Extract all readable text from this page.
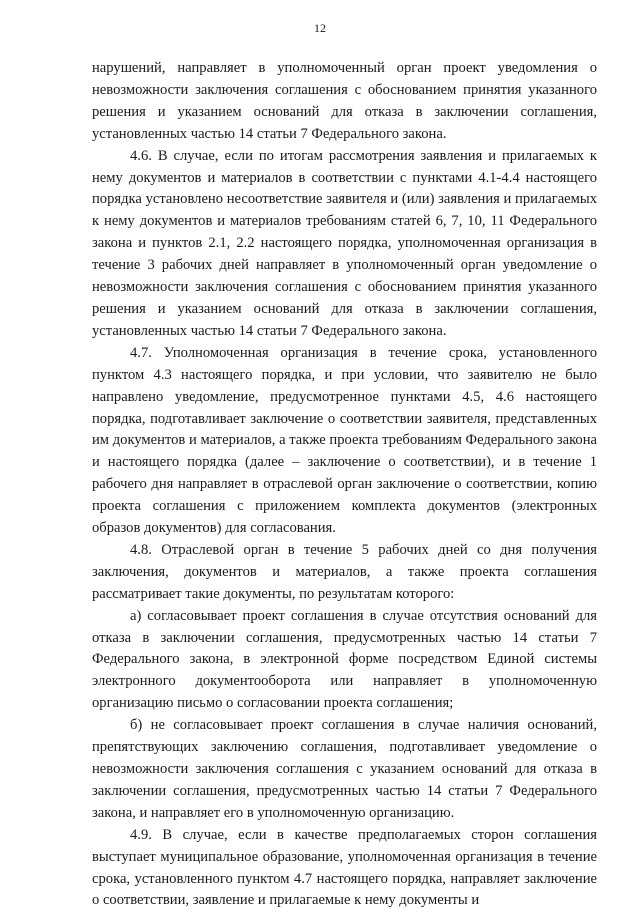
12

нарушений, направляет в уполномоченный орган проект уведомления о невозможности заключения соглашения с обоснованием принятия указанного решения и указанием оснований для отказа в заключении соглашения, установленных частью 14 статьи 7 Федерального закона.

4.6. В случае, если по итогам рассмотрения заявления и прилагаемых к нему документов и материалов в соответствии с пунктами 4.1-4.4 настоящего порядка установлено несоответствие заявителя и (или) заявления и прилагаемых к нему документов и материалов требованиям статей 6, 7, 10, 11 Федерального закона и пунктов 2.1, 2.2 настоящего порядка, уполномоченная организация в течение 3 рабочих дней направляет в уполномоченный орган уведомление о невозможности заключения соглашения с обоснованием принятия указанного решения и указанием оснований для отказа в заключении соглашения, установленных частью 14 статьи 7 Федерального закона.

4.7. Уполномоченная организация в течение срока, установленного пунктом 4.3 настоящего порядка, и при условии, что заявителю не было направлено уведомление, предусмотренное пунктами 4.5, 4.6 настоящего порядка, подготавливает заключение о соответствии заявителя, представленных им документов и материалов, а также проекта требованиям Федерального закона и настоящего порядка (далее – заключение о соответствии), и в течение 1 рабочего дня направляет в отраслевой орган заключение о соответствии, копию проекта соглашения с приложением комплекта документов (электронных образов документов) для согласования.

4.8. Отраслевой орган в течение 5 рабочих дней со дня получения заключения, документов и материалов, а также проекта соглашения рассматривает такие документы, по результатам которого:

а) согласовывает проект соглашения в случае отсутствия оснований для отказа в заключении соглашения, предусмотренных частью 14 статьи 7 Федерального закона, в электронной форме посредством Единой системы электронного документооборота или направляет в уполномоченную организацию письмо о согласовании проекта соглашения;

б) не согласовывает проект соглашения в случае наличия оснований, препятствующих заключению соглашения, подготавливает уведомление о невозможности заключения соглашения с указанием оснований для отказа в заключении соглашения, предусмотренных частью 14 статьи 7 Федерального закона, и направляет его в уполномоченную организацию.

4.9. В случае, если в качестве предполагаемых сторон соглашения выступает муниципальное образование, уполномоченная организация в течение срока, установленного пунктом 4.7 настоящего порядка, направляет заключение о соответствии, заявление и прилагаемые к нему документы и
